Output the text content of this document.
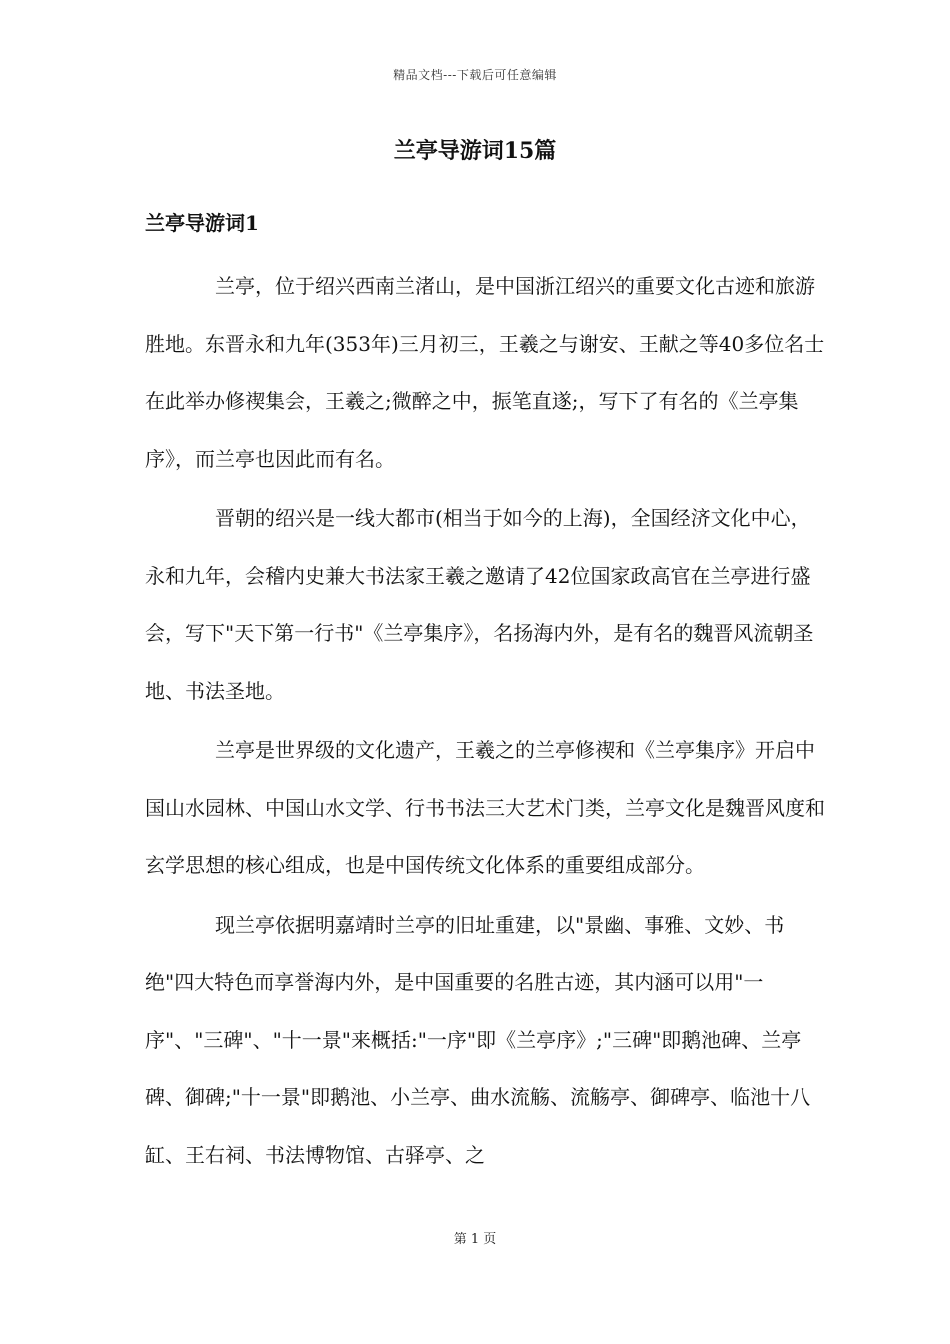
精品文档---下载后可任意编辑
兰亭导游词15篇
兰亭导游词1

兰亭，位于绍兴西南兰渚山，是中国浙江绍兴的重要文化古迹和旅游胜地。东晋永和九年(353年)三月初三，王羲之与谢安、王献之等40多位名士在此举办修禊集会，王羲之;微醉之中，振笔直遂;，写下了有名的《兰亭集序》，而兰亭也因此而有名。

晋朝的绍兴是一线大都市(相当于如今的上海)，全国经济文化中心，永和九年，会稽内史兼大书法家王羲之邀请了42位国家政高官在兰亭进行盛会，写下"天下第一行书"《兰亭集序》，名扬海内外，是有名的魏晋风流朝圣地、书法圣地。

兰亭是世界级的文化遗产，王羲之的兰亭修禊和《兰亭集序》开启中国山水园林、中国山水文学、行书书法三大艺术门类，兰亭文化是魏晋风度和玄学思想的核心组成，也是中国传统文化体系的重要组成部分。

现兰亭依据明嘉靖时兰亭的旧址重建，以"景幽、事雅、文妙、书绝"四大特色而享誉海内外，是中国重要的名胜古迹，其内涵可以用"一序"、"三碑"、"十一景"来概括:"一序"即《兰亭序》;"三碑"即鹅池碑、兰亭碑、御碑;"十一景"即鹅池、小兰亭、曲水流觞、流觞亭、御碑亭、临池十八缸、王右祠、书法博物馆、古驿亭、之

第 1 页
